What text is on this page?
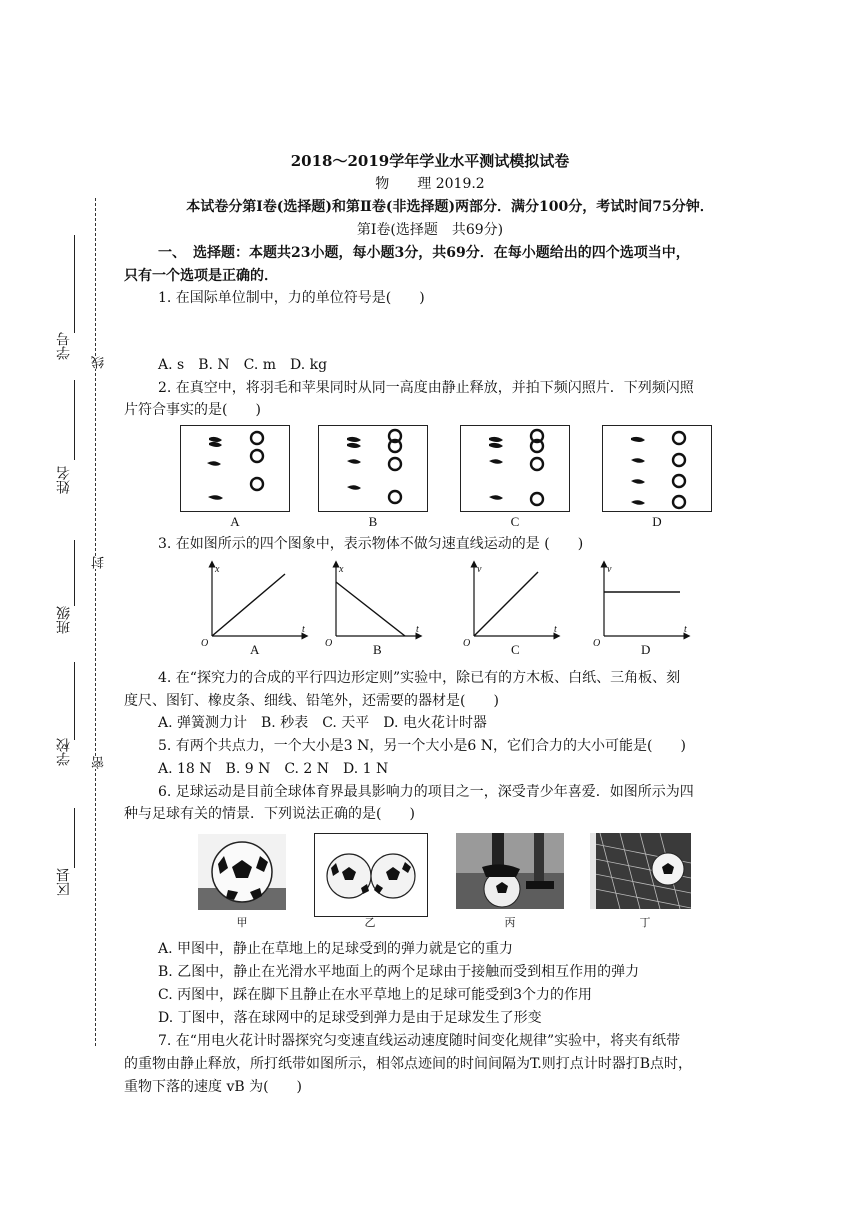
学号
姓名
班级
学校
区县
线
封
密
2018～2019学年学业水平测试模拟试卷
物　　理 2019.2
本试卷分第Ⅰ卷(选择题)和第Ⅱ卷(非选择题)两部分．满分100分，考试时间75分钟．
第Ⅰ卷(选择题　共69分)
一、　选择题：本题共23小题，每小题3分，共69分．在每小题给出的四个选项当中，
只有一个选项是正确的．
1. 在国际单位制中，力的单位符号是(　　)
A. s　B. N　C. m　D. kg
2. 在真空中，将羽毛和苹果同时从同一高度由静止释放，并拍下频闪照片．下列频闪照
片符合事实的是(　　)
A	B	C	D
3. 在如图所示的四个图象中，表示物体不做匀速直线运动的是 (　　)
x
t
O
x
t
O
v
t
O
v
t
O
A	B	C	D
4. 在“探究力的合成的平行四边形定则”实验中，除已有的方木板、白纸、三角板、刻
度尺、图钉、橡皮条、细线、铅笔外，还需要的器材是(　　)
A. 弹簧测力计　B. 秒表　C. 天平　D. 电火花计时器
5. 有两个共点力，一个大小是3 N，另一个大小是6 N，它们合力的大小可能是(　　)
A. 18 N　B. 9 N　C. 2 N　D. 1 N
6. 足球运动是目前全球体育界最具影响力的项目之一，深受青少年喜爱．如图所示为四
种与足球有关的情景．下列说法正确的是(　　)
甲	乙	丙	丁
A. 甲图中，静止在草地上的足球受到的弹力就是它的重力
B. 乙图中，静止在光滑水平地面上的两个足球由于接触而受到相互作用的弹力
C. 丙图中，踩在脚下且静止在水平草地上的足球可能受到3个力的作用
D. 丁图中，落在球网中的足球受到弹力是由于足球发生了形变
7. 在“用电火花计时器探究匀变速直线运动速度随时间变化规律”实验中，将夹有纸带
的重物由静止释放，所打纸带如图所示，相邻点迹间的时间间隔为T.则打点计时器打B点时，
重物下落的速度 vB 为(　　)
